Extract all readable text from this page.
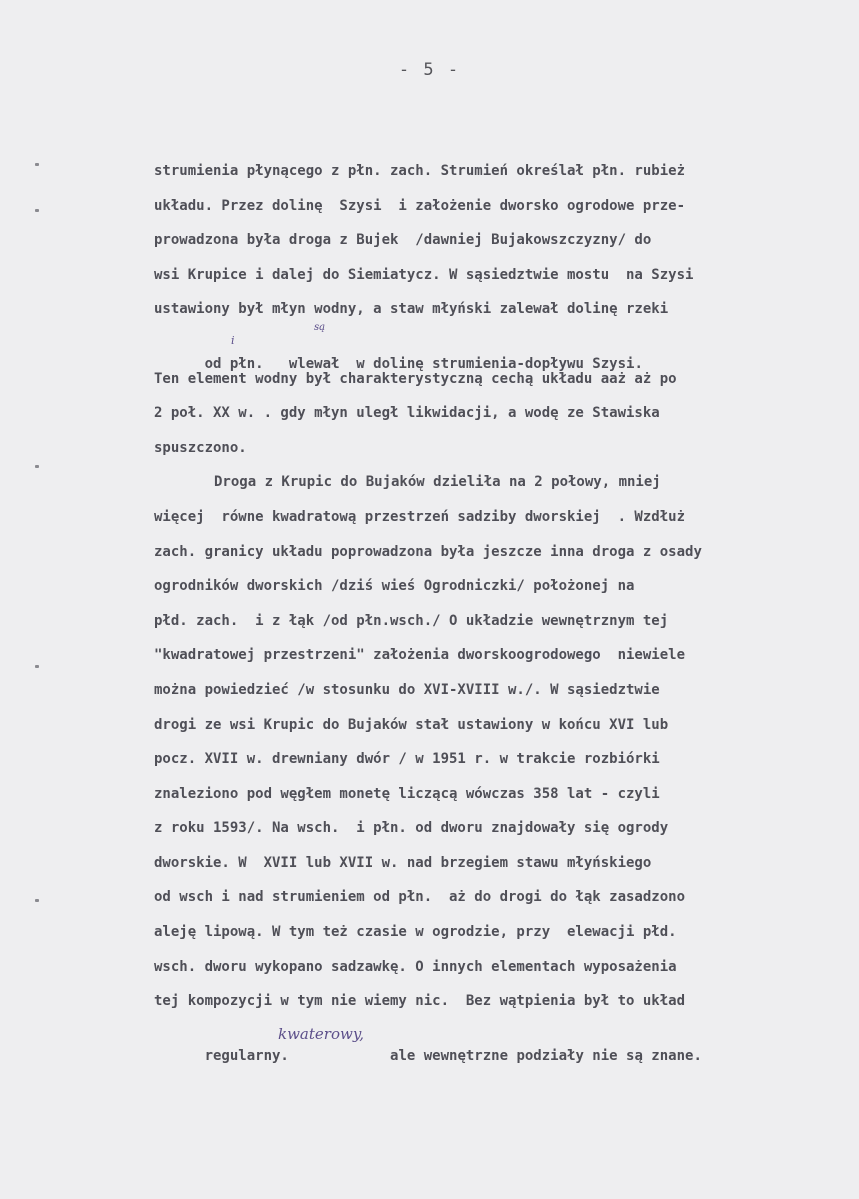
- 5 -
strumienia płynącego z płn. zach. Strumień określał płn. rubież
układu. Przez dolinę  Szysi  i założenie dworsko ogrodowe prze-
prowadzona była droga z Bujek  /dawniej Bujakowszczyzny/ do
wsi Krupice i dalej do Siemiatycz. W sąsiedztwie mostu  na Szysi
ustawiony był młyn wodny, a staw młyński zalewał dolinę rzeki

od płn.   wlewał  w dolinę strumienia-dopływu Szysi.

i

są

Ten element wodny był charakterystyczną cechą układu aaż aż po
2 poł. XX w. . gdy młyn uległ likwidacji, a wodę ze Stawiska
spuszczono.
Droga z Krupic do Bujaków dzieliła na 2 połowy, mniej
więcej  równe kwadratową przestrzeń sadziby dworskiej  . Wzdłuż
zach. granicy układu poprowadzona była jeszcze inna droga z osady
ogrodników dworskich /dziś wieś Ogrodniczki/ położonej na
płd. zach.  i z łąk /od płn.wsch./ O układzie wewnętrznym tej
"kwadratowej przestrzeni" założenia dworskoogrodowego  niewiele
można powiedzieć /w stosunku do XVI-XVIII w./. W sąsiedztwie
drogi ze wsi Krupic do Bujaków stał ustawiony w końcu XVI lub
pocz. XVII w. drewniany dwór / w 1951 r. w trakcie rozbiórki
znaleziono pod węgłem monetę liczącą wówczas 358 lat - czyli
z roku 1593/. Na wsch.  i płn. od dworu znajdowały się ogrody
dworskie. W  XVII lub XVII w. nad brzegiem stawu młyńskiego
od wsch i nad strumieniem od płn.  aż do drogi do łąk zasadzono
aleję lipową. W tym też czasie w ogrodzie, przy  elewacji płd.
wsch. dworu wykopano sadzawkę. O innych elementach wyposażenia
tej kompozycji w tym nie wiemy nic.  Bez wątpienia był to układ

regularny.            ale wewnętrzne podziały nie są znane.

kwaterowy,
